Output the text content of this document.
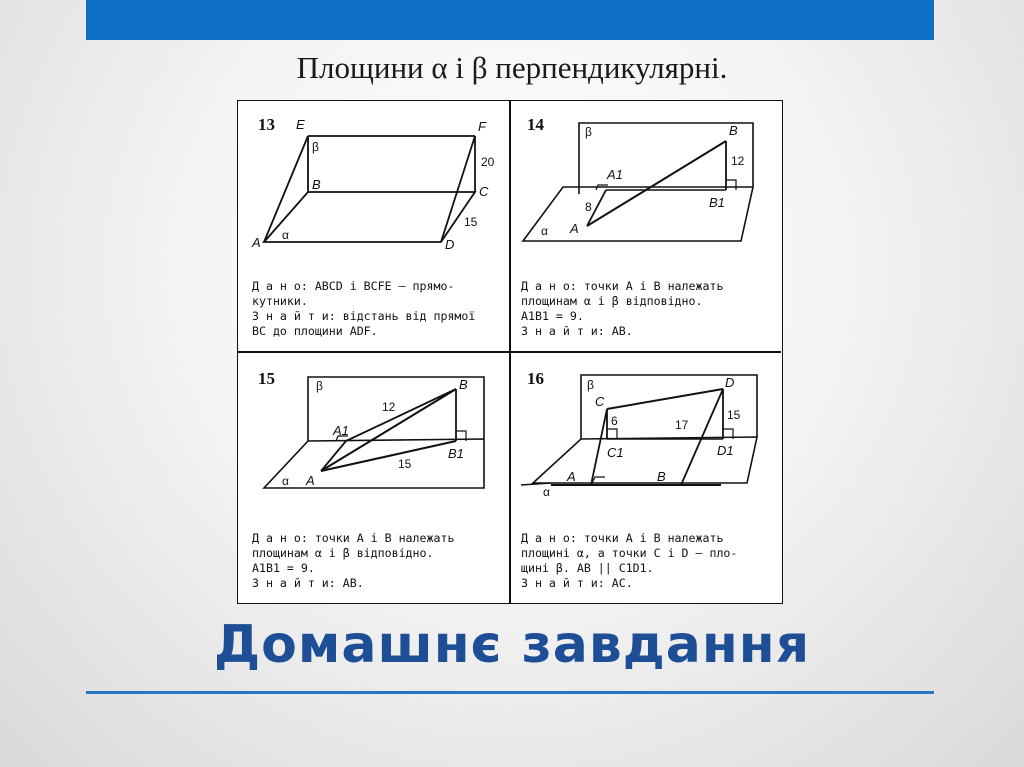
Площини α і β перпендикулярні.
13 E	F
B	C
A	D
β
α
20
15

Д а н о: ABCD і BCFE – прямо-

кутники.

З н а й т и: відстань від прямої

BC до площини ADF.

14	β	B
A1
12
8	B1
α A

Д а н о: точки A і B належать

площинам α і β відповідно.

A1B1 = 9.

З н а й т и: AB.

15	β	B
12
A1
15
B1
α A

Д а н о: точки A і B належать

площинам α і β відповідно.

A1B1 = 9.

З н а й т и: AB.

16	β
C
D
6	15
17
C1	D1
A	B
α

Д а н о: точки A і B належать

площині α, а точки C і D – пло-

щині β. AB || C1D1.

З н а й т и: AC.

Домашнє завдання
